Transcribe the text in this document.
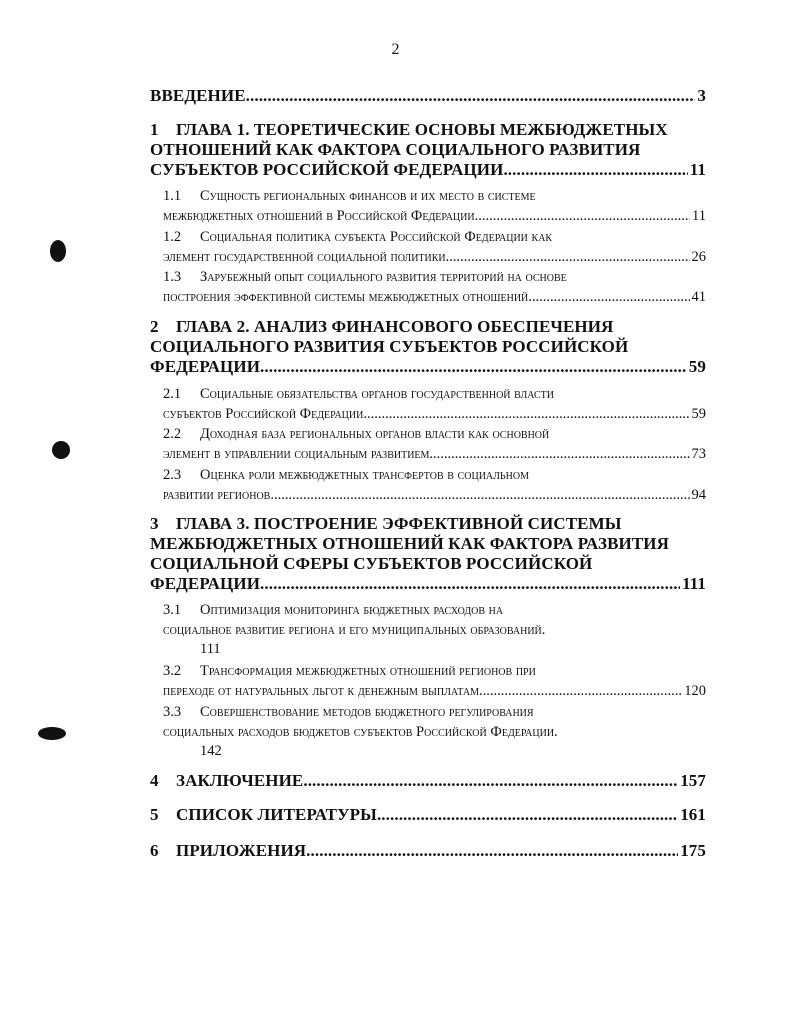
2
ВВЕДЕНИЕ .....	3
1 ГЛАВА 1. ТЕОРЕТИЧЕСКИЕ ОСНОВЫ МЕЖБЮДЖЕТНЫХ
ОТНОШЕНИЙ КАК ФАКТОРА СОЦИАЛЬНОГО РАЗВИТИЯ
СУБЪЕКТОВ РОССИЙСКОЙ ФЕДЕРАЦИИ .....	11
1.1 Сущность региональных финансов и их место в системе
межбюджетных отношений в Российской Федерации .....	11
1.2 Социальная политика субъекта Российской Федерации как
элемент государственной социальной политики .....	26
1.3 Зарубежный опыт социального развития территорий на основе
построения эффективной системы межбюджетных отношений. .....	41
2 ГЛАВА 2. АНАЛИЗ ФИНАНСОВОГО ОБЕСПЕЧЕНИЯ
СОЦИАЛЬНОГО РАЗВИТИЯ СУБЪЕКТОВ РОССИЙСКОЙ
ФЕДЕРАЦИИ. .....	59
2.1 Социальные обязательства органов государственной власти
субъектов Российской Федерации. .....	59
2.2 Доходная база региональных органов власти как основной
элемент в управлении социальным развитием .....	73
2.3 Оценка роли межбюджетных трансфертов в социальном
развитии регионов .....	94
3 ГЛАВА 3. ПОСТРОЕНИЕ ЭФФЕКТИВНОЙ СИСТЕМЫ
МЕЖБЮДЖЕТНЫХ ОТНОШЕНИЙ КАК ФАКТОРА РАЗВИТИЯ
СОЦИАЛЬНОЙ СФЕРЫ СУБЪЕКТОВ РОССИЙСКОЙ
ФЕДЕРАЦИИ. .....	111
3.1 Оптимизация мониторинга бюджетных расходов на
социальное развитие региона и его муниципальных образований.
111
3.2 Трансформация межбюджетных отношений регионов при
переходе от натуральных льгот к денежным выплатам. .....	120
3.3 Совершенствование методов бюджетного регулирования
социальных расходов бюджетов субъектов Российской Федерации.
142
4 ЗАКЛЮЧЕНИЕ .....	157
5 СПИСОК ЛИТЕРАТУРЫ .....	161
6 ПРИЛОЖЕНИЯ .....	175
